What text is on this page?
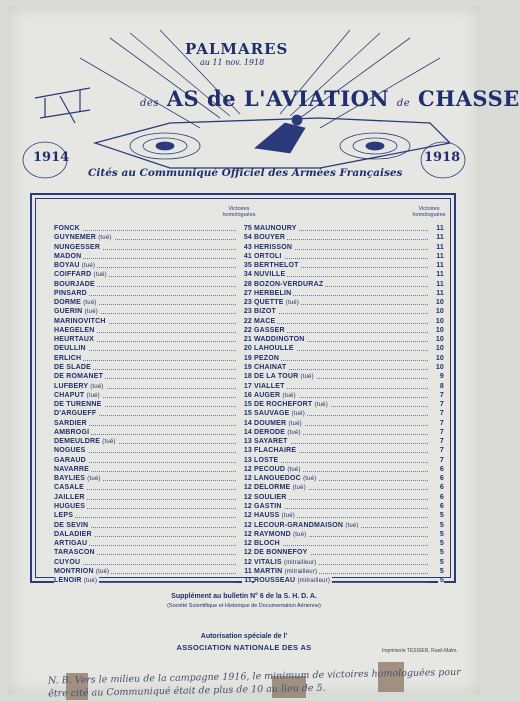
PALMARES
au 11 nov. 1918
des AS de L'AVIATION de CHASSE
1914	1918
Cités au Communiqué Officiel des Armées Françaises
Victoires homologuées
FONCK	75
GUYNEMER (tué)	54
NUNGESSER	43
MADON	41
BOYAU (tué)	35
COIFFARD (tué)	34
BOURJADE	28
PINSARD	27
DORME (tué)	23
GUERIN (tué)	23
MARINOVITCH	22
HAEGELEN	22
HEURTAUX	21
DEULLIN	20
ERLICH	19
DE SLADE	19
DE ROMANET	18
LUFBERY (tué)	17
CHAPUT (tué)	16
DE TURENNE	15
D'ARGUEFF	15
SARDIER	14
AMBROGI	14
DEMEULDRE (tué)	13
NOGUES	13
GARAUD	13
NAVARRE	12
BAYLIES (tué)	12
CASALE	12
JAILLER	12
HUGUES	12
LEPS	12
DE SEVIN	12
DALADIER	12
ARTIGAU	12
TARASCON	12
CUYOU	12
MONTRION (tué)	11
LENOIR (tué)	11
Victoires homologuées
MAUNOURY	11
BOUYER	11
HERISSON	11
ORTOLI	11
BERTHELOT	11
NUVILLE	11
BOZON-VERDURAZ	11
HERBELIN	11
QUETTE (tué)	10
BIZOT	10
MACE	10
GASSER	10
WADDINGTON	10
LAHOULLE	10
PEZON	10
CHAINAT	10
DE LA TOUR (tué)	9
VIALLET	8
AUGER (tué)	7
DE ROCHEFORT (tué)	7
SAUVAGE (tué)	7
DOUMER (tué)	7
DERODE (tué)	7
SAYARET	7
FLACHAIRE	7
LOSTE	7
PECOUD (tué)	6
LANGUEDOC (tué)	6
DELORME (tué)	6
SOULIER	6
GASTIN	6
HAUSS (tué)	5
LECOUR-GRANDMAISON (tué)	5
RAYMOND (tué)	5
BLOCH	5
DE BONNEFOY	5
VITALIS (mitrailleur)	5
MARTIN (mitrailleur)	5
ROUSSEAU (mitrailleur)	5
Supplément au bulletin N° 6 de la S. H. D. A.
(Société Scientifique et Historique de Documentation Aérienne)
Autorisation spéciale de l'
ASSOCIATION NATIONALE DES AS	Imprimerie TESSIER, Rueil-Malm.
N. B. Vers le milieu de la campagne 1916, le minimum de victoires homologuées pour être cité au Communiqué était de plus de 10 au lieu de 5.
